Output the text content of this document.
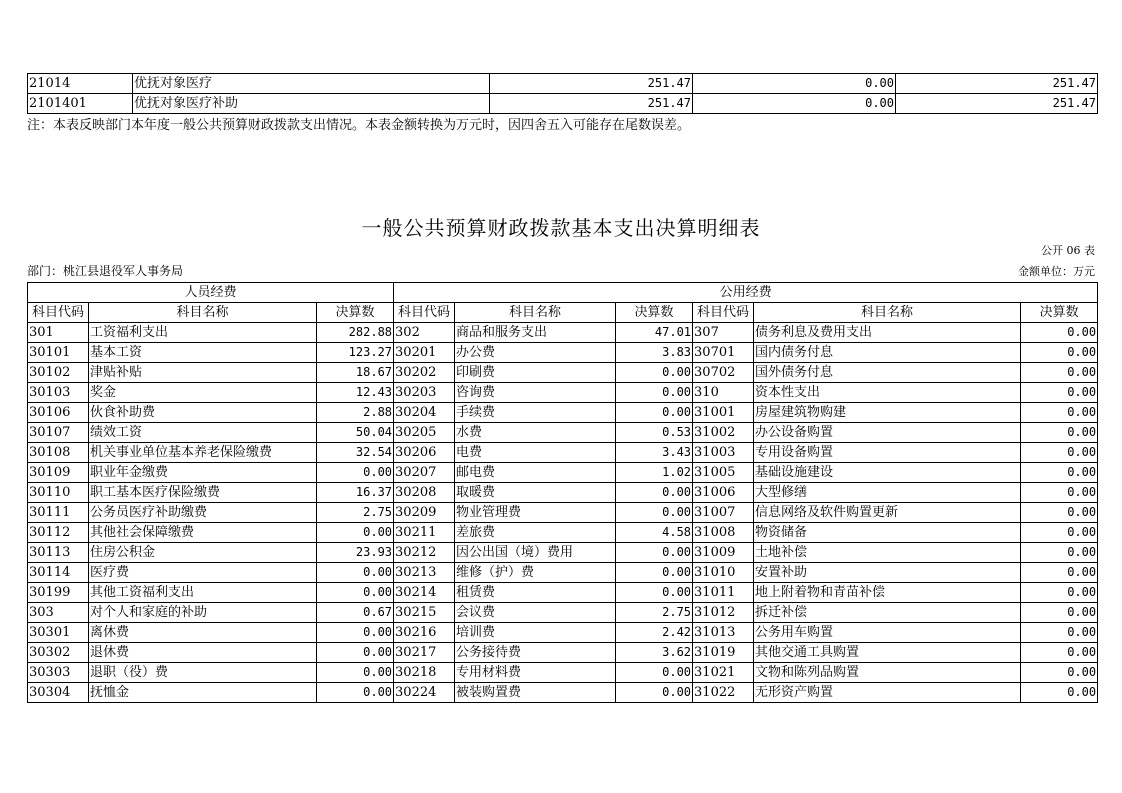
21014	优抚对象医疗	251.47	0.00	251.47
2101401	优抚对象医疗补助	251.47	0.00	251.47
注：本表反映部门本年度一般公共预算财政拨款支出情况。本表金额转换为万元时，因四舍五入可能存在尾数误差。
一般公共预算财政拨款基本支出决算明细表
公开 06 表
部门：桃江县退役军人事务局	金额单位：万元
人员经费			公用经费					
科目代码	科目名称	决算数	科目代码	科目名称	决算数	科目代码	科目名称	决算数
301	工资福利支出	282.88	302	商品和服务支出	47.01	307	债务利息及费用支出	0.00
30101	基本工资	123.27	30201	办公费	3.83	30701	国内债务付息	0.00
30102	津贴补贴	18.67	30202	印刷费	0.00	30702	国外债务付息	0.00
30103	奖金	12.43	30203	咨询费	0.00	310	资本性支出	0.00
30106	伙食补助费	2.88	30204	手续费	0.00	31001	房屋建筑物购建	0.00
30107	绩效工资	50.04	30205	水费	0.53	31002	办公设备购置	0.00
30108	机关事业单位基本养老保险缴费	32.54	30206	电费	3.43	31003	专用设备购置	0.00
30109	职业年金缴费	0.00	30207	邮电费	1.02	31005	基础设施建设	0.00
30110	职工基本医疗保险缴费	16.37	30208	取暖费	0.00	31006	大型修缮	0.00
30111	公务员医疗补助缴费	2.75	30209	物业管理费	0.00	31007	信息网络及软件购置更新	0.00
30112	其他社会保障缴费	0.00	30211	差旅费	4.58	31008	物资储备	0.00
30113	住房公积金	23.93	30212	因公出国（境）费用	0.00	31009	土地补偿	0.00
30114	医疗费	0.00	30213	维修（护）费	0.00	31010	安置补助	0.00
30199	其他工资福利支出	0.00	30214	租赁费	0.00	31011	地上附着物和青苗补偿	0.00
303	对个人和家庭的补助	0.67	30215	会议费	2.75	31012	拆迁补偿	0.00
30301	离休费	0.00	30216	培训费	2.42	31013	公务用车购置	0.00
30302	退休费	0.00	30217	公务接待费	3.62	31019	其他交通工具购置	0.00
30303	退职（役）费	0.00	30218	专用材料费	0.00	31021	文物和陈列品购置	0.00
30304	抚恤金	0.00	30224	被装购置费	0.00	31022	无形资产购置	0.00
